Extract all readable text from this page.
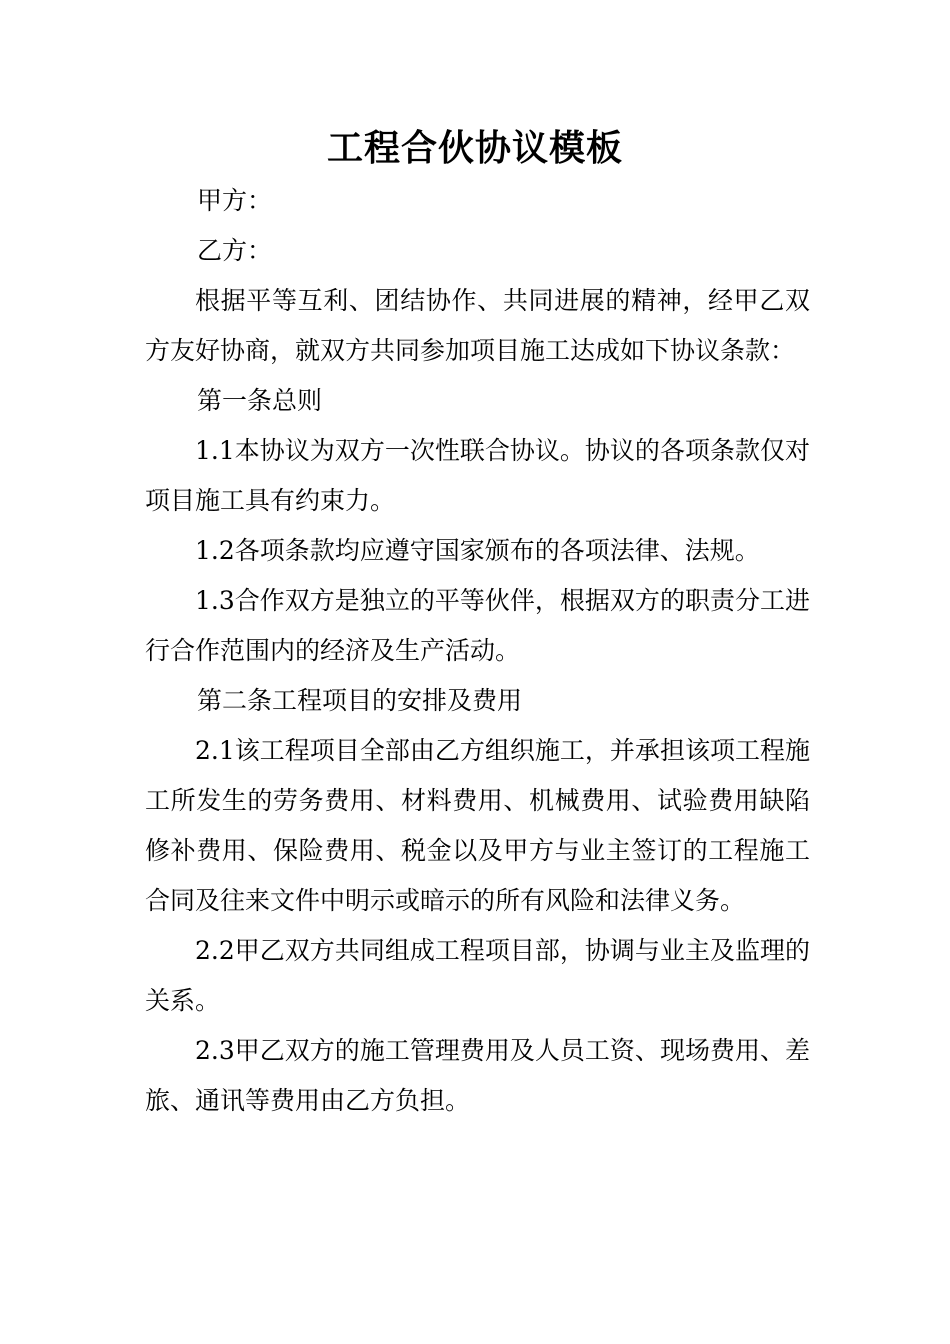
工程合伙协议模板

甲方：

乙方：

根据平等互利、团结协作、共同进展的精神，经甲乙双方友好协商，就双方共同参加项目施工达成如下协议条款：

第一条总则

1.1本协议为双方一次性联合协议。协议的各项条款仅对项目施工具有约束力。

1.2各项条款均应遵守国家颁布的各项法律、法规。

1.3合作双方是独立的平等伙伴，根据双方的职责分工进行合作范围内的经济及生产活动。

第二条工程项目的安排及费用

2.1该工程项目全部由乙方组织施工，并承担该项工程施工所发生的劳务费用、材料费用、机械费用、试验费用缺陷修补费用、保险费用、税金以及甲方与业主签订的工程施工合同及往来文件中明示或暗示的所有风险和法律义务。

2.2甲乙双方共同组成工程项目部，协调与业主及监理的关系。

2.3甲乙双方的施工管理费用及人员工资、现场费用、差旅、通讯等费用由乙方负担。
